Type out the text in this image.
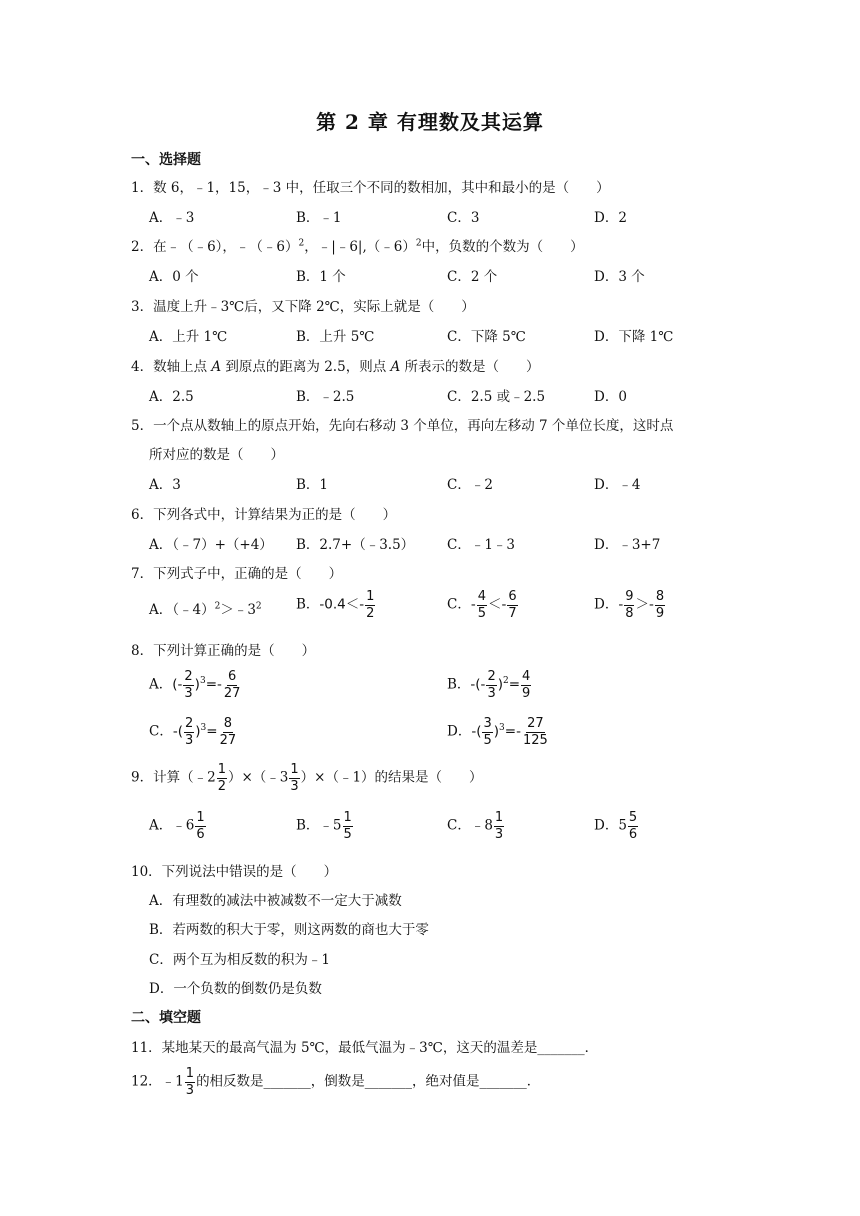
第 2 章 有理数及其运算
一、选择题
1．数 6，﹣1，15，﹣3 中，任取三个不同的数相加，其中和最小的是（　　）
A．﹣3	B．﹣1	C．3	D．2
2．在﹣（﹣6），﹣（﹣6）$^2$，﹣|﹣6|,（﹣6）$^2$中，负数的个数为（　　）
A．0 个	B．1 个	C．2 个	D．3 个
3．温度上升﹣3℃后，又下降 2℃，实际上就是（　　）
A．上升 1℃	B．上升 5℃	C．下降 5℃	D．下降 1℃
4．数轴上点 A 到原点的距离为 2.5，则点 A 所表示的数是（　　）
A．2.5	B．﹣2.5	C．2.5 或﹣2.5	D．0
5．一个点从数轴上的原点开始，先向右移动 3 个单位，再向左移动 7 个单位长度，这时点
所对应的数是（　　）
A．3	B．1	C．﹣2	D．﹣4
6．下列各式中，计算结果为正的是（　　）
A．（﹣7）+（+4） B．2.7+（﹣3.5） C．﹣1﹣3	D．﹣3+7
7．下列式子中，正确的是（　　）
A．$(﹣4)^2>﹣3^2$	B．$-0.4<- \frac{1}{2}$	C．- $\frac{4}{5} <- \frac{6}{7}$	D．- $\frac{9}{8} >- \frac{8}{9}$
8．下列计算正确的是（　　）
A．(- $\frac{2}{3} )^3=- \frac{6}{27}$	B．-(- $\frac{2}{3} )^2= \frac{4}{9}$
C．-( $\frac{2}{3} )^3= \frac{8}{27}$	D．-( $\frac{3}{5} )^3=- \frac{27}{125}$
9．计算（﹣2 $\frac{1}{2}$ ）×（﹣3 $\frac{1}{3}$ ）×（﹣1）的结果是（　　）
A．﹣6 $\frac{1}{6}$	B．﹣5 $\frac{1}{5}$	C．﹣8 $\frac{1}{3}$	D．$5 \frac{5}{6}$
10．下列说法中错误的是（　　）
A．有理数的减法中被减数不一定大于减数
B．若两数的积大于零，则这两数的商也大于零
C．两个互为相反数的积为﹣1
D．一个负数的倒数仍是负数
二、填空题
11．某地某天的最高气温为 5℃，最低气温为﹣3℃，这天的温差是_______．
12．﹣1 $\frac{1}{3}$ 的相反数是_______，倒数是_______，绝对值是_______．
